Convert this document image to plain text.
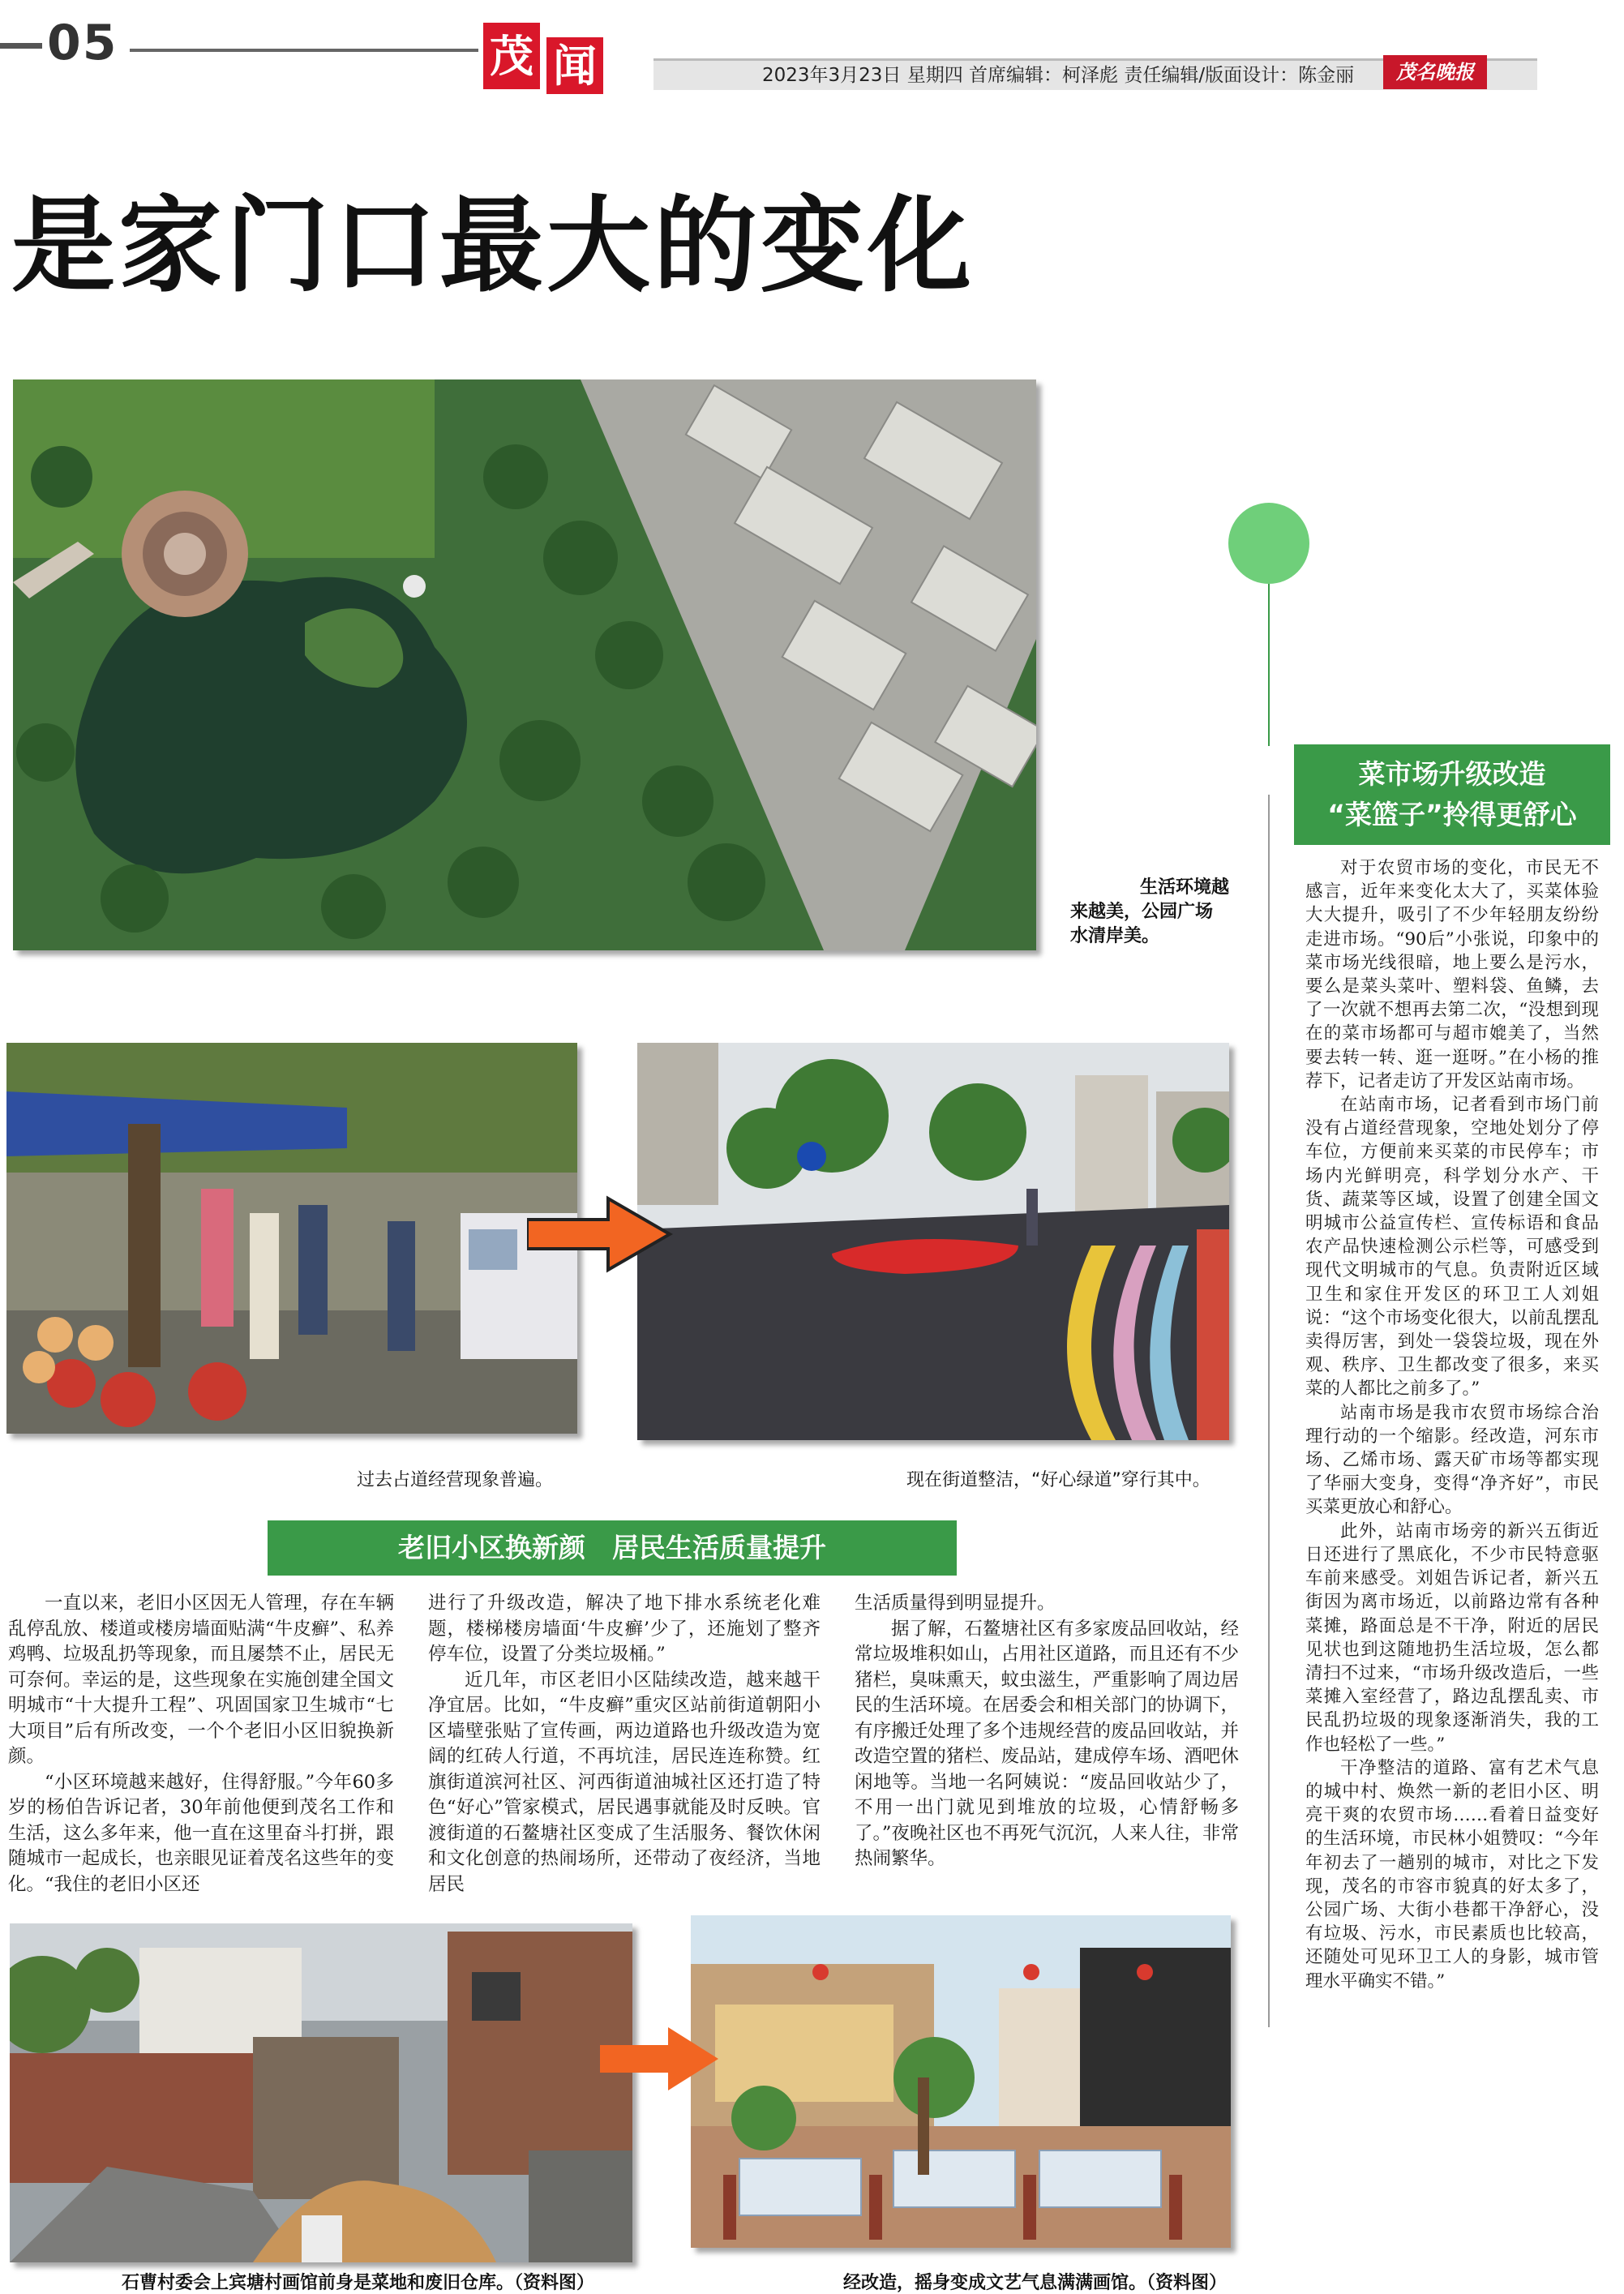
05	茂 闻	2023年3月23日 星期四 首席编辑：柯泽彪 责任编辑/版面设计：陈金丽	茂名晚报
是家门口最大的变化
生活环境越
来越美，公园广场
水清岸美。
菜市场升级改造
“菜篮子”拎得更舒心

对于农贸市场的变化，市民无不感言，近年来变化太大了，买菜体验大大提升，吸引了不少年轻朋友纷纷走进市场。“90后”小张说，印象中的菜市场光线很暗，地上要么是污水，要么是菜头菜叶、塑料袋、鱼鳞，去了一次就不想再去第二次，“没想到现在的菜市场都可与超市媲美了，当然要去转一转、逛一逛呀。”在小杨的推荐下，记者走访了开发区站南市场。

在站南市场，记者看到市场门前没有占道经营现象，空地处划分了停车位，方便前来买菜的市民停车；市场内光鲜明亮，科学划分水产、干货、蔬菜等区域，设置了创建全国文明城市公益宣传栏、宣传标语和食品农产品快速检测公示栏等，可感受到现代文明城市的气息。负责附近区域卫生和家住开发区的环卫工人刘姐说：“这个市场变化很大，以前乱摆乱卖得厉害，到处一袋袋垃圾，现在外观、秩序、卫生都改变了很多，来买菜的人都比之前多了。”

站南市场是我市农贸市场综合治理行动的一个缩影。经改造，河东市场、乙烯市场、露天矿市场等都实现了华丽大变身，变得“净齐好”，市民买菜更放心和舒心。

此外，站南市场旁的新兴五街近日还进行了黑底化，不少市民特意驱车前来感受。刘姐告诉记者，新兴五街因为离市场近，以前路边常有各种菜摊，路面总是不干净，附近的居民见状也到这随地扔生活垃圾，怎么都清扫不过来，“市场升级改造后，一些菜摊入室经营了，路边乱摆乱卖、市民乱扔垃圾的现象逐渐消失，我的工作也轻松了一些。”

干净整洁的道路、富有艺术气息的城中村、焕然一新的老旧小区、明亮干爽的农贸市场……看着日益变好的生活环境，市民林小姐赞叹：“今年年初去了一趟别的城市，对比之下发现，茂名的市容市貌真的好太多了，公园广场、大街小巷都干净舒心，没有垃圾、污水，市民素质也比较高，还随处可见环卫工人的身影，城市管理水平确实不错。”

过去占道经营现象普遍。	现在街道整洁，“好心绿道”穿行其中。
老旧小区换新颜　居民生活质量提升

一直以来，老旧小区因无人管理，存在车辆乱停乱放、楼道或楼房墙面贴满“牛皮癣”、私养鸡鸭、垃圾乱扔等现象，而且屡禁不止，居民无可奈何。幸运的是，这些现象在实施创建全国文明城市“十大提升工程”、巩固国家卫生城市“七大项目”后有所改变，一个个老旧小区旧貌换新颜。

“小区环境越来越好，住得舒服。”今年60多岁的杨伯告诉记者，30年前他便到茂名工作和生活，这么多年来，他一直在这里奋斗打拼，跟随城市一起成长，也亲眼见证着茂名这些年的变化。“我住的老旧小区还

进行了升级改造，解决了地下排水系统老化难题，楼梯楼房墙面‘牛皮癣’少了，还施划了整齐停车位，设置了分类垃圾桶。”

近几年，市区老旧小区陆续改造，越来越干净宜居。比如，“牛皮癣”重灾区站前街道朝阳小区墙壁张贴了宣传画，两边道路也升级改造为宽阔的红砖人行道，不再坑洼，居民连连称赞。红旗街道滨河社区、河西街道油城社区还打造了特色“好心”管家模式，居民遇事就能及时反映。官渡街道的石鳌塘社区变成了生活服务、餐饮休闲和文化创意的热闹场所，还带动了夜经济，当地居民

生活质量得到明显提升。

据了解，石鳌塘社区有多家废品回收站，经常垃圾堆积如山，占用社区道路，而且还有不少猪栏，臭味熏天，蚊虫滋生，严重影响了周边居民的生活环境。在居委会和相关部门的协调下，有序搬迁处理了多个违规经营的废品回收站，并改造空置的猪栏、废品站，建成停车场、酒吧休闲地等。当地一名阿姨说：“废品回收站少了，不用一出门就见到堆放的垃圾，心情舒畅多了。”夜晚社区也不再死气沉沉，人来人往，非常热闹繁华。

石曹村委会上宾塘村画馆前身是菜地和废旧仓库。（资料图）	经改造，摇身变成文艺气息满满画馆。（资料图）
